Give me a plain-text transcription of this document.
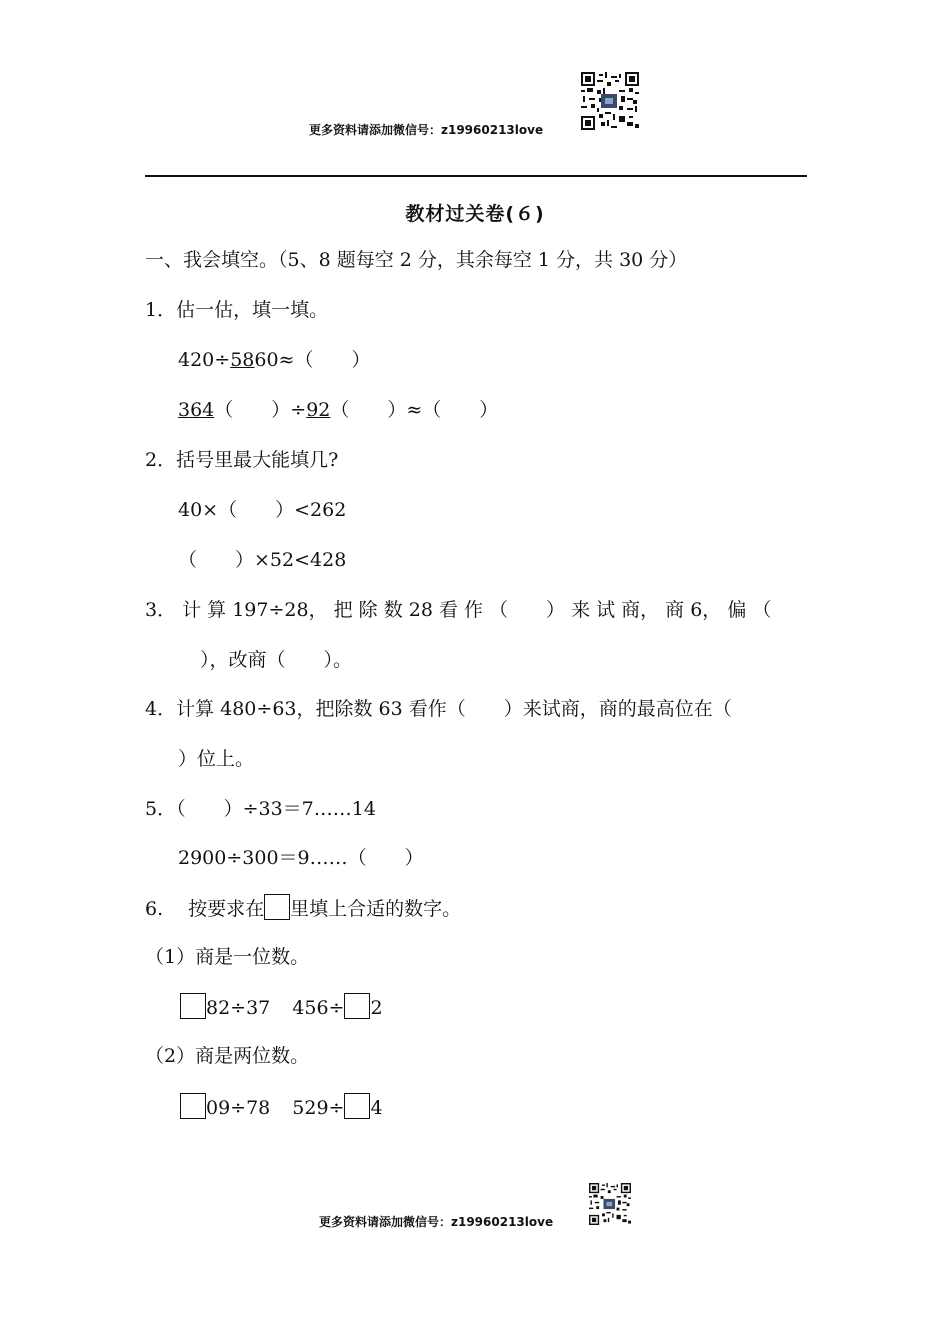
更多资料请添加微信号：z19960213love
教材过关卷(６)
一、我会填空。（5、8 题每空 2 分，其余每空 1 分，共 30 分）
1．估一估，填一填。
420÷5860≈（　　）
364（　　）÷92（　　）≈（　　）
2．括号里最大能填几?
40×（　　）<262
（　　）×52<428
3． 计 算 197÷28， 把 除 数 28 看 作 （　　） 来 试 商， 商 6， 偏 （
），改商（　　）。
4．计算 480÷63，把除数 63 看作（　　）来试商，商的最高位在（
）位上。
5．（　　）÷33＝7……14
2900÷300＝9……（　　）
6.　 按要求在 里填上合适的数字。
（1）商是一位数。
82÷37 456÷ 2
（2）商是两位数。
09÷78 529÷ 4
更多资料请添加微信号：z19960213love
